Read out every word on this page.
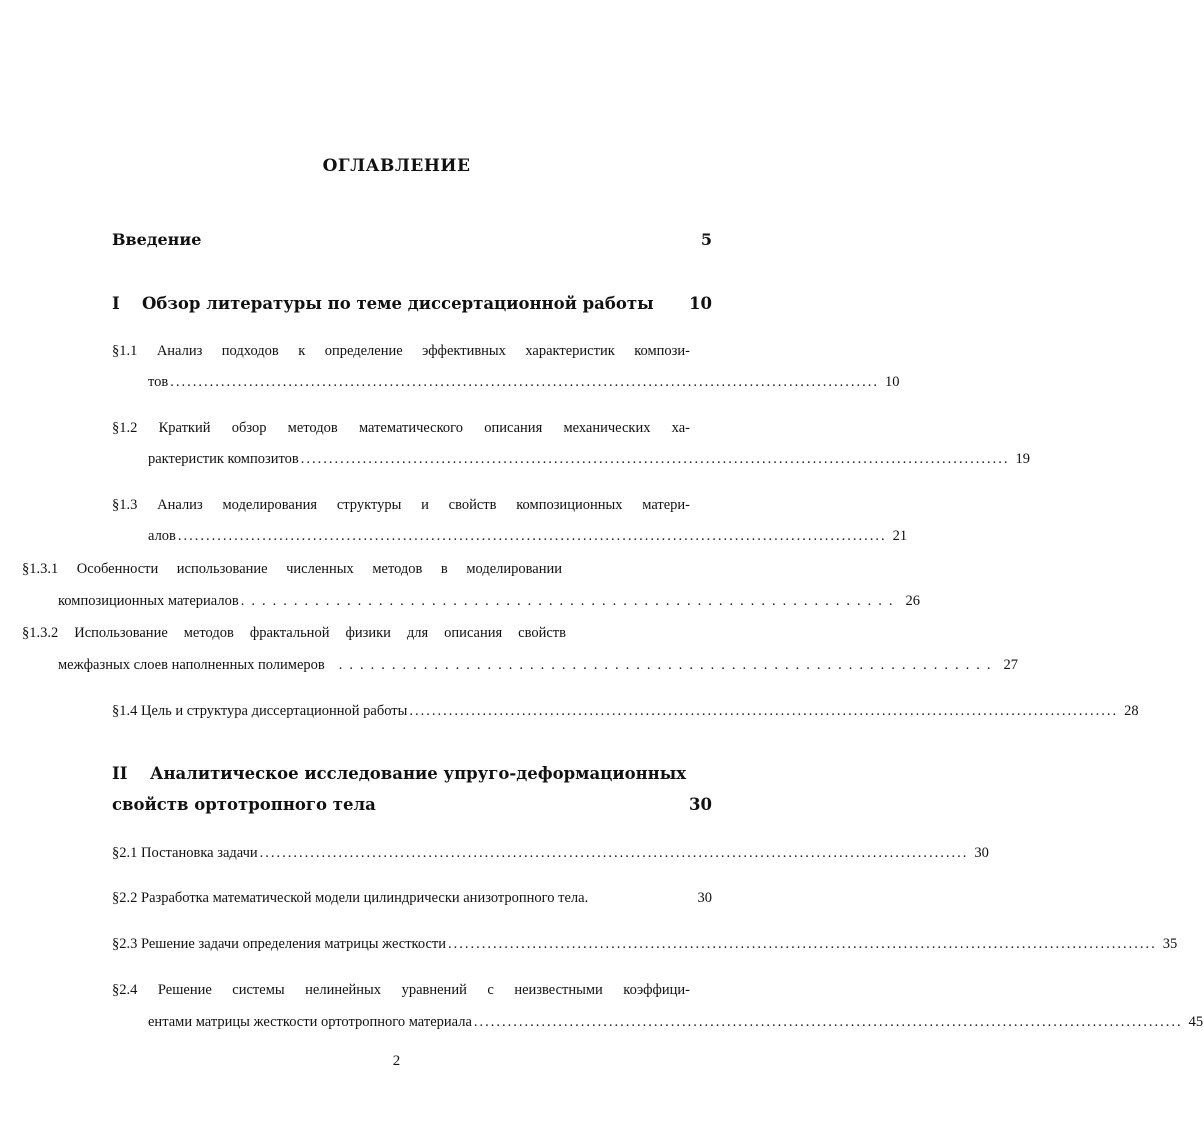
ОГЛАВЛЕНИЕ
Введение	5
I Обзор литературы по теме диссертационной работы 10
§1.1 Анализ подходов к определение эффективных характеристик компози-
тов .............................................................................................................................. 10
§1.2 Краткий обзор методов математического описания механических ха-
рактеристик композитов .............................................................................................................................. 19
§1.3 Анализ моделирования структуры и свойств композиционных матери-
алов .............................................................................................................................. 21
§1.3.1 Особенности использование численных методов в моделировании
композиционных материалов .............................................................. 26
§1.3.2 Использование методов фрактальной физики для описания свойств
межфазных слоев наполненных полимеров .............................................................. 27
§1.4 Цель и структура диссертационной работы .............................................................................................................................. 28
II Аналитическое исследование упруго-деформационных
свойств ортотропного тела	30
§2.1 Постановка задачи .............................................................................................................................. 30
§2.2 Разработка математической модели цилиндрически анизотропного тела.	30
§2.3 Решение задачи определения матрицы жесткости .............................................................................................................................. 35
§2.4 Решение системы нелинейных уравнений с неизвестными коэффици-
ентами матрицы жесткости ортотропного материала .............................................................................................................................. 45
2
